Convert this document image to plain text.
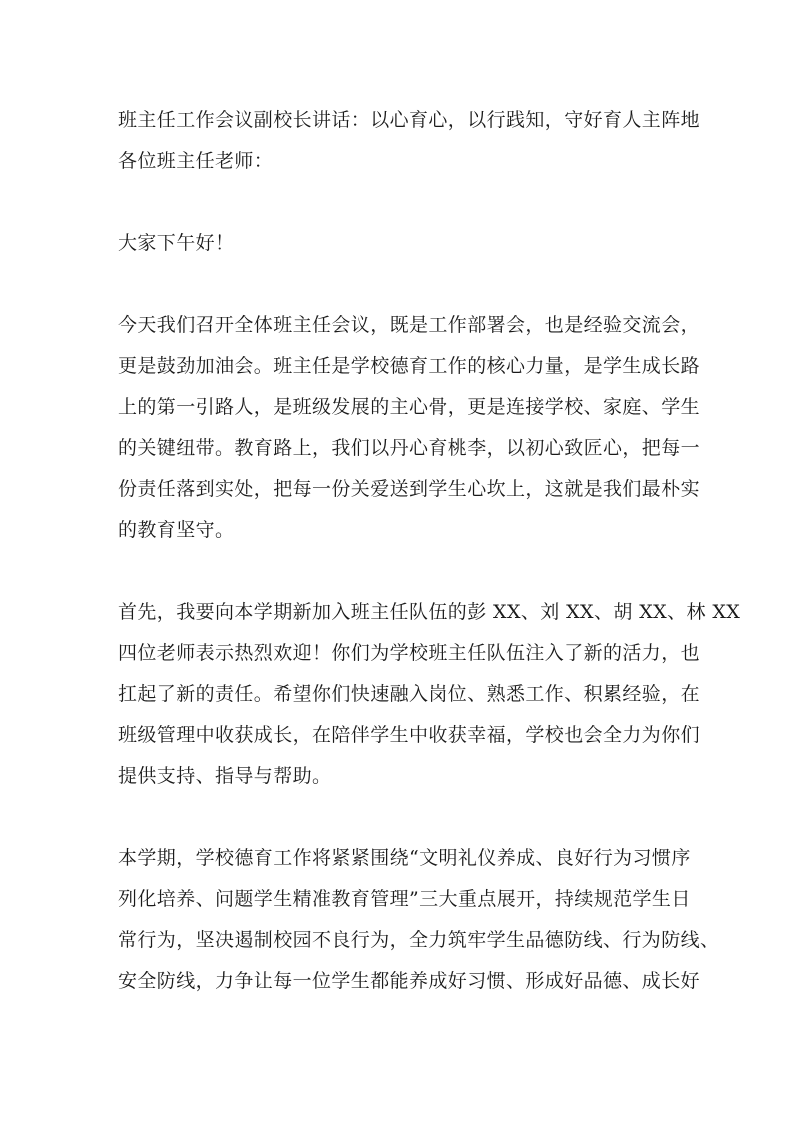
班主任工作会议副校长讲话：以心育心，以行践知，守好育人主阵地
各位班主任老师：
大家下午好！
今天我们召开全体班主任会议，既是工作部署会，也是经验交流会，
更是鼓劲加油会。班主任是学校德育工作的核心力量，是学生成长路
上的第一引路人，是班级发展的主心骨，更是连接学校、家庭、学生
的关键纽带。教育路上，我们以丹心育桃李，以初心致匠心，把每一
份责任落到实处，把每一份关爱送到学生心坎上，这就是我们最朴实
的教育坚守。
首先，我要向本学期新加入班主任队伍的彭 XX、刘 XX、胡 XX、林 XX
四位老师表示热烈欢迎！你们为学校班主任队伍注入了新的活力，也
扛起了新的责任。希望你们快速融入岗位、熟悉工作、积累经验，在
班级管理中收获成长，在陪伴学生中收获幸福，学校也会全力为你们
提供支持、指导与帮助。
本学期，学校德育工作将紧紧围绕“文明礼仪养成、良好行为习惯序
列化培养、问题学生精准教育管理”三大重点展开，持续规范学生日
常行为，坚决遏制校园不良行为，全力筑牢学生品德防线、行为防线、
安全防线，力争让每一位学生都能养成好习惯、形成好品德、成长好
